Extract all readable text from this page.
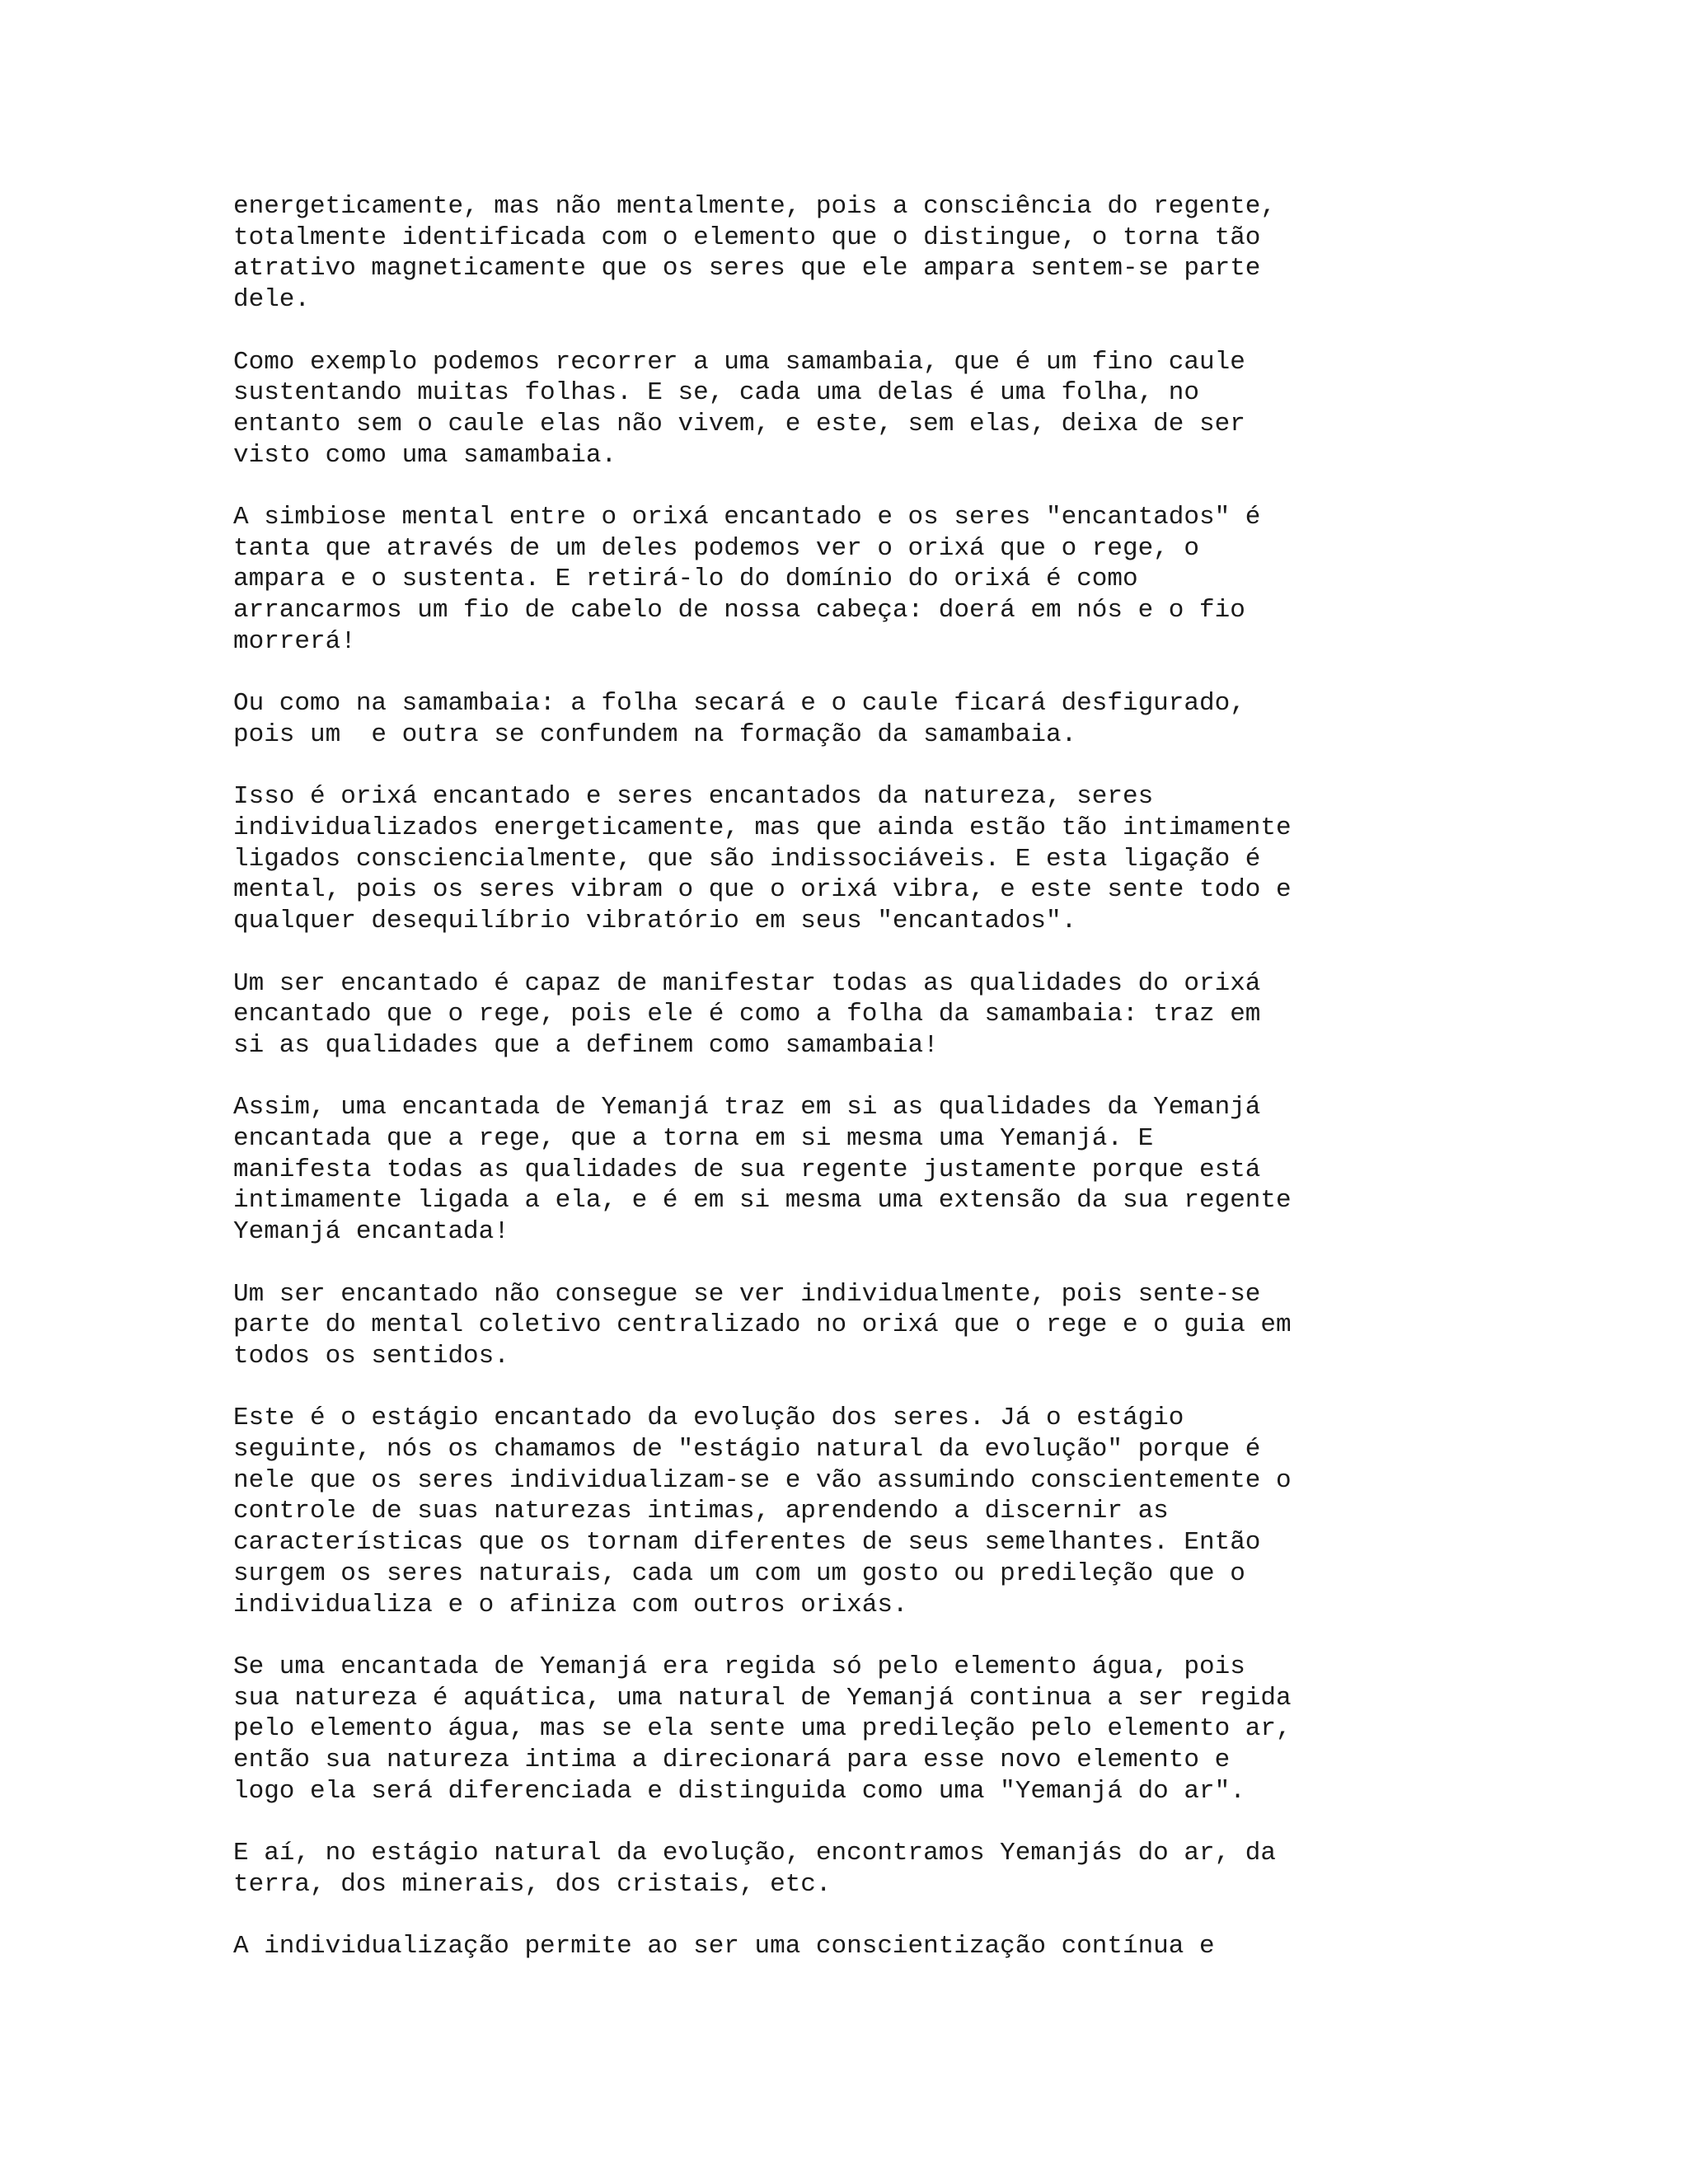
energeticamente, mas não mentalmente, pois a consciência do regente,
totalmente identificada com o elemento que o distingue, o torna tão
atrativo magneticamente que os seres que ele ampara sentem-se parte
dele.

Como exemplo podemos recorrer a uma samambaia, que é um fino caule
sustentando muitas folhas. E se, cada uma delas é uma folha, no
entanto sem o caule elas não vivem, e este, sem elas, deixa de ser
visto como uma samambaia.

A simbiose mental entre o orixá encantado e os seres "encantados" é
tanta que através de um deles podemos ver o orixá que o rege, o
ampara e o sustenta. E retirá-lo do domínio do orixá é como
arrancarmos um fio de cabelo de nossa cabeça: doerá em nós e o fio
morrerá!

Ou como na samambaia: a folha secará e o caule ficará desfigurado,
pois um  e outra se confundem na formação da samambaia.

Isso é orixá encantado e seres encantados da natureza, seres
individualizados energeticamente, mas que ainda estão tão intimamente
ligados consciencialmente, que são indissociáveis. E esta ligação é
mental, pois os seres vibram o que o orixá vibra, e este sente todo e
qualquer desequilíbrio vibratório em seus "encantados".

Um ser encantado é capaz de manifestar todas as qualidades do orixá
encantado que o rege, pois ele é como a folha da samambaia: traz em
si as qualidades que a definem como samambaia!

Assim, uma encantada de Yemanjá traz em si as qualidades da Yemanjá
encantada que a rege, que a torna em si mesma uma Yemanjá. E
manifesta todas as qualidades de sua regente justamente porque está
intimamente ligada a ela, e é em si mesma uma extensão da sua regente
Yemanjá encantada!

Um ser encantado não consegue se ver individualmente, pois sente-se
parte do mental coletivo centralizado no orixá que o rege e o guia em
todos os sentidos.

Este é o estágio encantado da evolução dos seres. Já o estágio
seguinte, nós os chamamos de "estágio natural da evolução" porque é
nele que os seres individualizam-se e vão assumindo conscientemente o
controle de suas naturezas intimas, aprendendo a discernir as
características que os tornam diferentes de seus semelhantes. Então
surgem os seres naturais, cada um com um gosto ou predileção que o
individualiza e o afiniza com outros orixás.

Se uma encantada de Yemanjá era regida só pelo elemento água, pois
sua natureza é aquática, uma natural de Yemanjá continua a ser regida
pelo elemento água, mas se ela sente uma predileção pelo elemento ar,
então sua natureza intima a direcionará para esse novo elemento e
logo ela será diferenciada e distinguida como uma "Yemanjá do ar".

E aí, no estágio natural da evolução, encontramos Yemanjás do ar, da
terra, dos minerais, dos cristais, etc.

A individualização permite ao ser uma conscientização contínua e
